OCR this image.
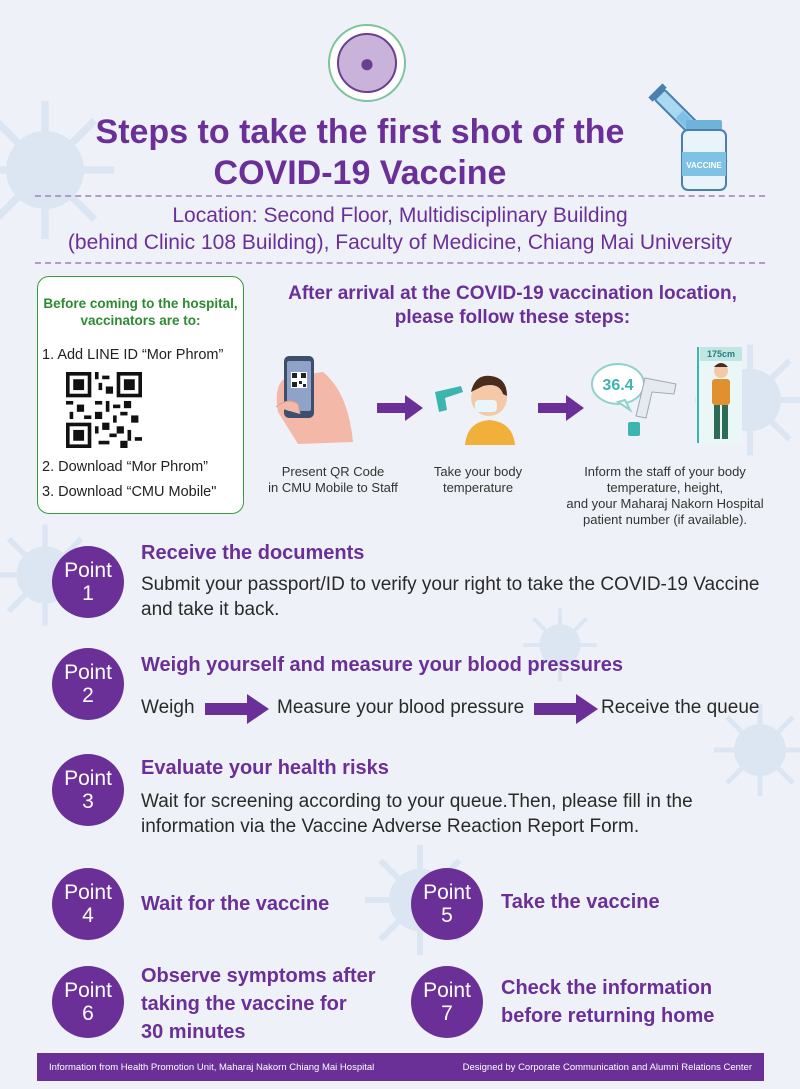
●
Steps to take the first shot of the
COVID-19 Vaccine	VACCINE
Location: Second Floor, Multidisciplinary Building
(behind Clinic 108 Building), Faculty of Medicine, Chiang Mai University
Before coming to the hospital,
vaccinators are to:
1. Add LINE ID “Mor Phrom”
2. Download “Mor Phrom”
3. Download “CMU Mobile"
After arrival at the COVID-19 vaccination location,
please follow these steps:
36.4
175cm
Present QR Code
in CMU Mobile to Staff
Take your body
temperature
Inform the staff of your body
temperature, height,
and your Maharaj Nakorn Hospital
patient number (if available).
Point
1
Receive the documents
Submit your passport/ID to verify your right to take the COVID-19 Vaccine
and take it back.
Point
2
Weigh yourself and measure your blood pressures
Weigh	Measure your blood pressure	Receive the queue
Point
3
Evaluate your health risks
Wait for screening according to your queue.Then, please fill in the
information via the Vaccine Adverse Reaction Report Form.
Point
4 Wait for the vaccine	Point
5
Take the vaccine
Point
6
Observe symptoms after
taking the vaccine for
30 minutes
Point
7
Check the information
before returning home
Information from Health Promotion Unit, Maharaj Nakorn Chiang Mai Hospital	Designed by Corporate Communication and Alumni Relations Center
